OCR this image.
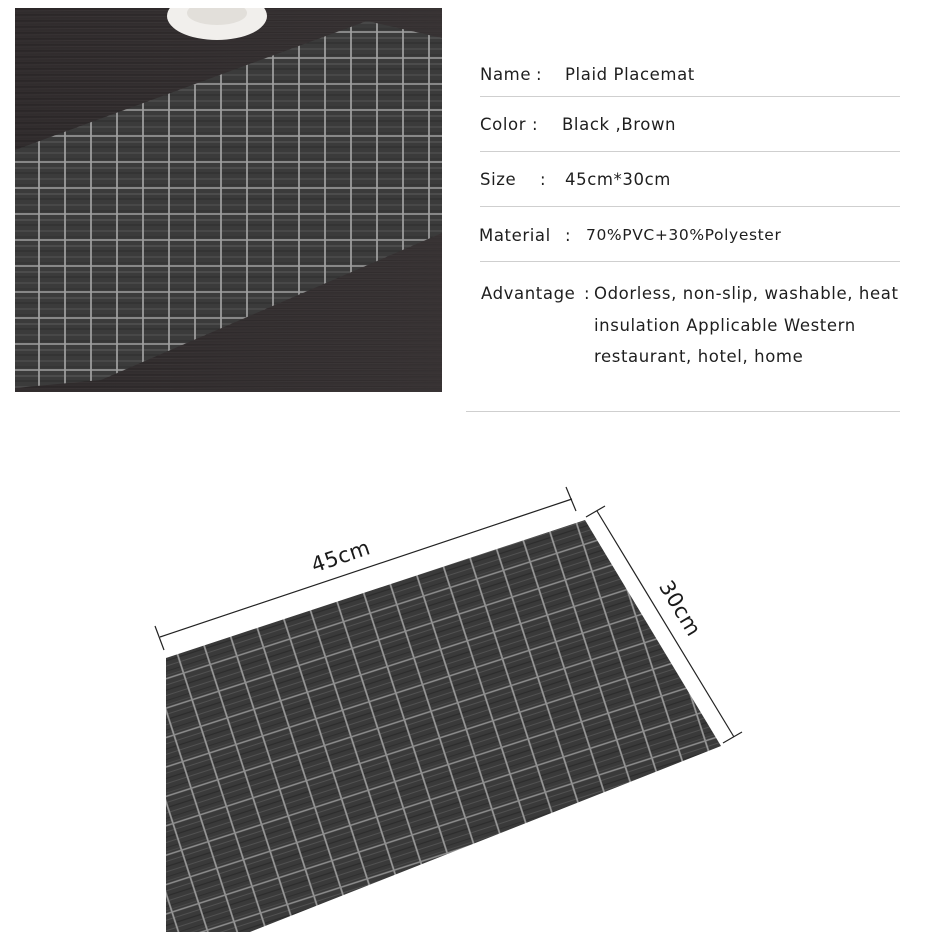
Name : Plaid Placemat
Color : Black ,Brown
Size : 45cm*30cm
Material : 70%PVC+30%Polyester
Advantage : Odorless, non-slip, washable, heat insulation Applicable Western restaurant, hotel, home
45cm
30cm
